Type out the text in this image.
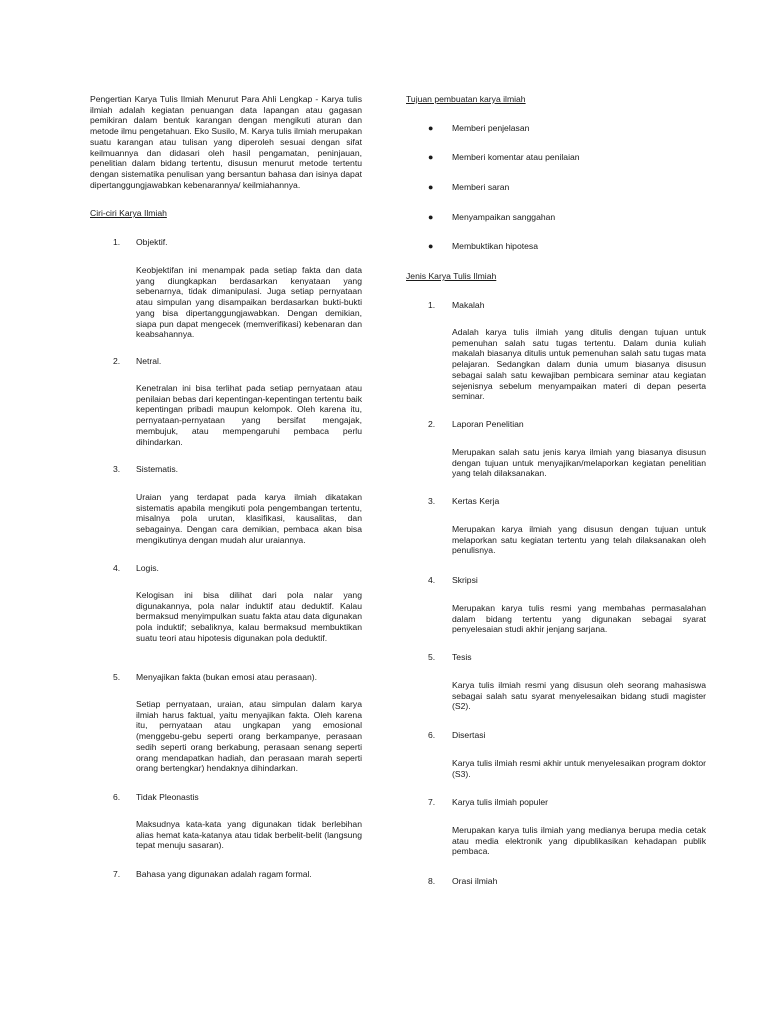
Pengertian Karya Tulis Ilmiah Menurut Para Ahli Lengkap - Karya tulis ilmiah adalah kegiatan penuangan data lapangan atau gagasan pemikiran dalam bentuk karangan dengan mengikuti aturan dan metode ilmu pengetahuan. Eko Susilo, M. Karya tulis ilmiah merupakan suatu karangan atau tulisan yang diperoleh sesuai dengan sifat keilmuannya dan didasari oleh hasil pengamatan, peninjauan, penelitian dalam bidang tertentu, disusun menurut metode tertentu dengan sistematika penulisan yang bersantun bahasa dan isinya dapat dipertanggungjawabkan kebenarannya/ keilmiahannya.

Ciri-ciri Karya Ilmiah
1.	Objektif.

Keobjektifan ini menampak pada setiap fakta dan data yang diungkapkan berdasarkan kenyataan yang sebenarnya, tidak dimanipulasi. Juga setiap pernyataan atau simpulan yang disampaikan berdasarkan bukti-bukti yang bisa dipertanggungjawabkan. Dengan demikian, siapa pun dapat mengecek (memverifikasi) kebenaran dan keabsahannya.

2.	Netral.

Kenetralan ini bisa terlihat pada setiap pernyataan atau penilaian bebas dari kepentingan-kepentingan tertentu baik kepentingan pribadi maupun kelompok. Oleh karena itu, pernyataan-pernyataan yang bersifat mengajak, membujuk, atau mempengaruhi pembaca perlu dihindarkan.

3.	Sistematis.

Uraian yang terdapat pada karya ilmiah dikatakan sistematis apabila mengikuti pola pengembangan tertentu, misalnya pola urutan, klasifikasi, kausalitas, dan sebagainya. Dengan cara demikian, pembaca akan bisa mengikutinya dengan mudah alur uraiannya.

4.	Logis.

Kelogisan ini bisa dilihat dari pola nalar yang digunakannya, pola nalar induktif atau deduktif. Kalau bermaksud menyimpulkan suatu fakta atau data digunakan pola induktif; sebaliknya, kalau bermaksud membuktikan suatu teori atau hipotesis digunakan pola deduktif.

5.	Menyajikan fakta (bukan emosi atau perasaan).

Setiap pernyataan, uraian, atau simpulan dalam karya ilmiah harus faktual, yaitu menyajikan fakta. Oleh karena itu, pernyataan atau ungkapan yang emosional (menggebu-gebu seperti orang berkampanye, perasaan sedih seperti orang berkabung, perasaan senang seperti orang mendapatkan hadiah, dan perasaan marah seperti orang bertengkar) hendaknya dihindarkan.

6.	Tidak Pleonastis

Maksudnya kata-kata yang digunakan tidak berlebihan alias hemat kata-katanya atau tidak berbelit-belit (langsung tepat menuju sasaran).

7.	Bahasa yang digunakan adalah ragam formal.
Tujuan pembuatan karya ilmiah
● Memberi penjelasan
● Memberi komentar atau penilaian
● Memberi saran
● Menyampaikan sanggahan
● Membuktikan hipotesa
Jenis Karya Tulis Ilmiah
1.	Makalah

Adalah karya tulis ilmiah yang ditulis dengan tujuan untuk pemenuhan salah satu tugas tertentu. Dalam dunia kuliah makalah biasanya ditulis untuk pemenuhan salah satu tugas mata pelajaran. Sedangkan dalam dunia umum biasanya disusun sebagai salah satu kewajiban pembicara seminar atau kegiatan sejenisnya sebelum menyampaikan materi di depan peserta seminar.

2.	Laporan Penelitian

Merupakan salah satu jenis karya ilmiah yang biasanya disusun dengan tujuan untuk menyajikan/melaporkan kegiatan penelitian yang telah dilaksanakan.

3.	Kertas Kerja

Merupakan karya ilmiah yang disusun dengan tujuan untuk melaporkan satu kegiatan tertentu yang telah dilaksanakan oleh penulisnya.

4.	Skripsi

Merupakan karya tulis resmi yang membahas permasalahan dalam bidang tertentu yang digunakan sebagai syarat penyelesaian studi akhir jenjang sarjana.

5.	Tesis

Karya tulis ilmiah resmi yang disusun oleh seorang mahasiswa sebagai salah satu syarat menyelesaikan bidang studi magister (S2).

6.	Disertasi

Karya tulis ilmiah resmi akhir untuk menyelesaikan program doktor (S3).

7.	Karya tulis ilmiah populer

Merupakan karya tulis ilmiah yang medianya berupa media cetak atau media elektronik yang dipublikasikan kehadapan publik pembaca.

8.	Orasi ilmiah
